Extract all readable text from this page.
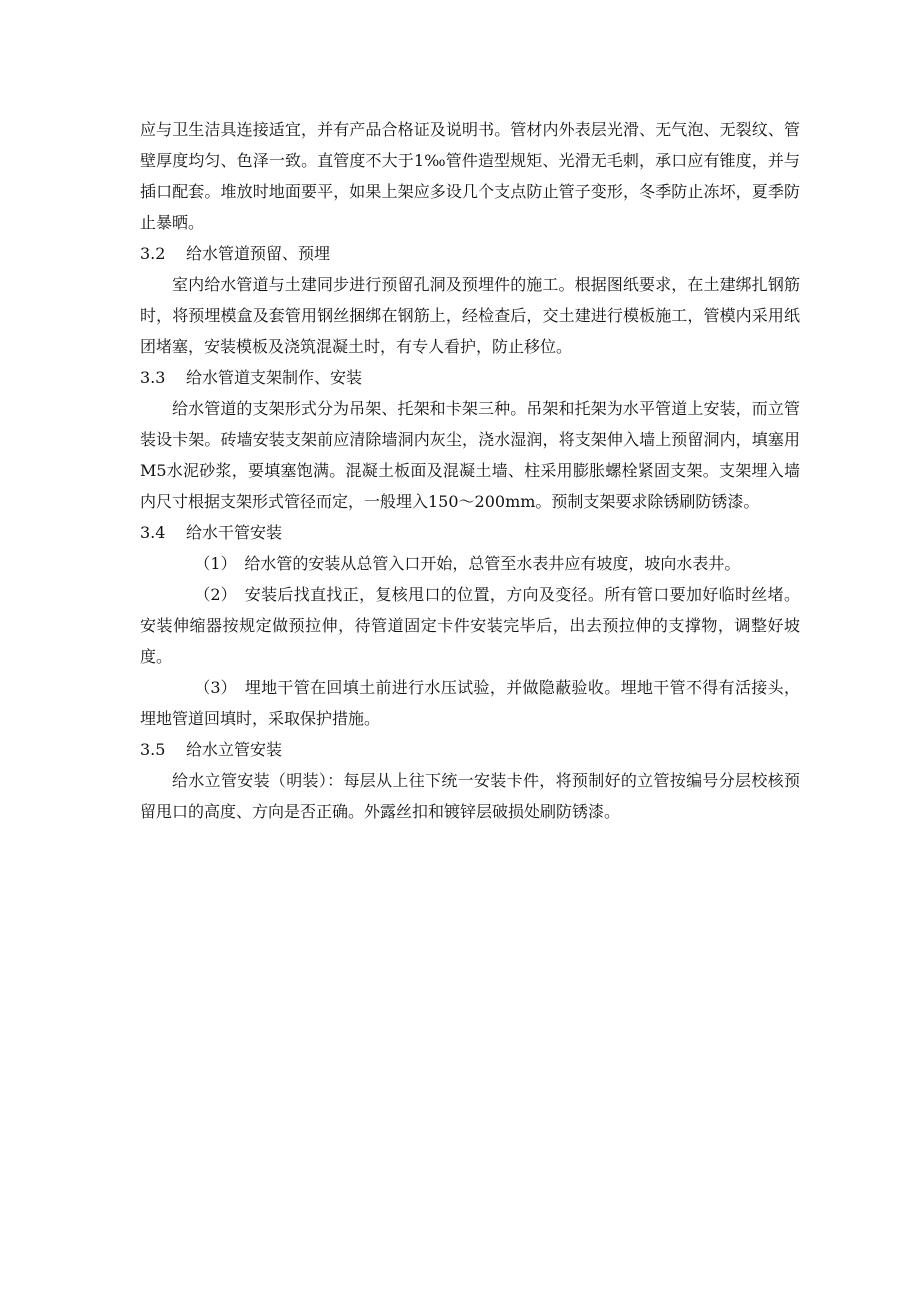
应与卫生洁具连接适宜，并有产品合格证及说明书。管材内外表层光滑、无气泡、无裂纹、管壁厚度均匀、色泽一致。直管度不大于1‰管件造型规矩、光滑无毛刺，承口应有锥度，并与插口配套。堆放时地面要平，如果上架应多设几个支点防止管子变形，冬季防止冻坏，夏季防止暴晒。

3.2 给水管道预留、预埋

室内给水管道与土建同步进行预留孔洞及预埋件的施工。根据图纸要求，在土建绑扎钢筋时，将预埋模盒及套管用钢丝捆绑在钢筋上，经检查后，交土建进行模板施工，管模内采用纸团堵塞，安装模板及浇筑混凝土时，有专人看护，防止移位。

3.3 给水管道支架制作、安装

给水管道的支架形式分为吊架、托架和卡架三种。吊架和托架为水平管道上安装，而立管装设卡架。砖墙安装支架前应清除墙洞内灰尘，浇水湿润，将支架伸入墙上预留洞内，填塞用M5水泥砂浆，要填塞饱满。混凝土板面及混凝土墙、柱采用膨胀螺栓紧固支架。支架埋入墙内尺寸根据支架形式管径而定，一般埋入150～200mm。预制支架要求除锈刷防锈漆。

3.4 给水干管安装

（1） 给水管的安装从总管入口开始，总管至水表井应有坡度，坡向水表井。

（2） 安装后找直找正，复核甩口的位置，方向及变径。所有管口要加好临时丝堵。安装伸缩器按规定做预拉伸，待管道固定卡件安装完毕后，出去预拉伸的支撑物，调整好坡度。

（3） 埋地干管在回填土前进行水压试验，并做隐蔽验收。埋地干管不得有活接头，埋地管道回填时，采取保护措施。

3.5 给水立管安装

给水立管安装（明装）：每层从上往下统一安装卡件，将预制好的立管按编号分层校核预留甩口的高度、方向是否正确。外露丝扣和镀锌层破损处刷防锈漆。
